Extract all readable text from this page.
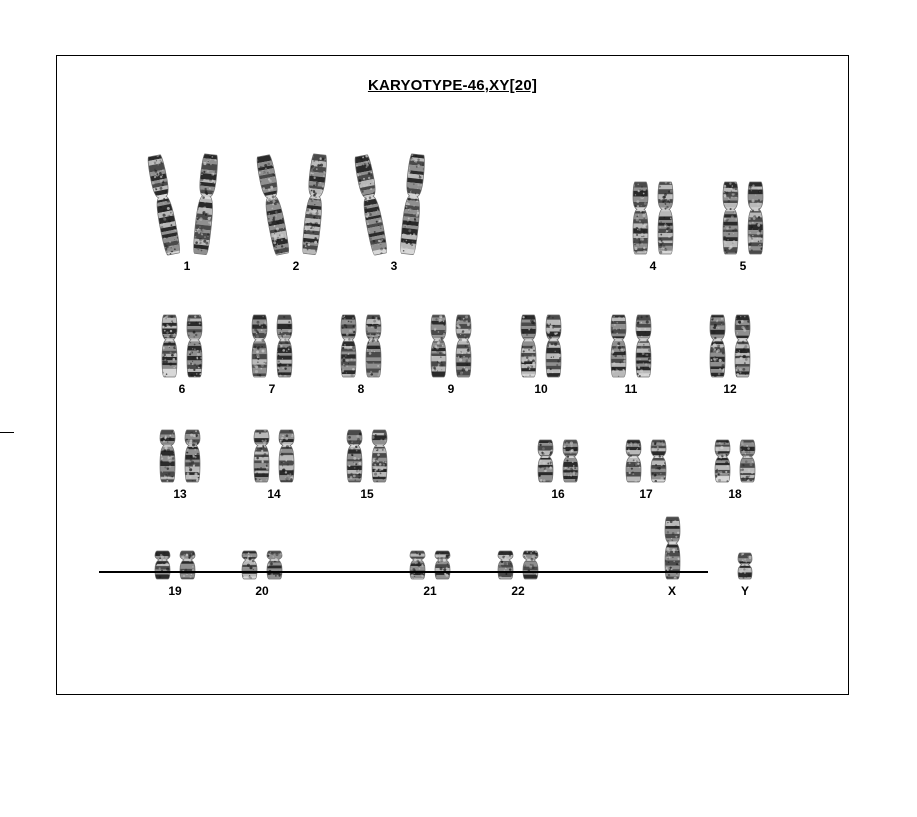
KARYOTYPE-46,XY[20]
1	2	3	4	5
6	7	8	9	10	11	12
13	14	15	16	17	18
19	20	21	22	X	Y
